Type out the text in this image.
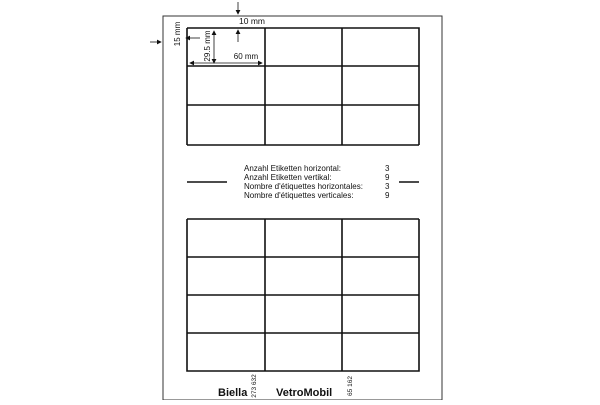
10 mm
15 mm	29.5 mm	60 mm
Anzahl Etiketten horizontal:	3
Anzahl Etiketten vertikal:	9
Nombre d'étiquettes horizontales:	3
Nombre d'étiquettes verticales:	9
Biella 273 632 VetroMobil 65 162
